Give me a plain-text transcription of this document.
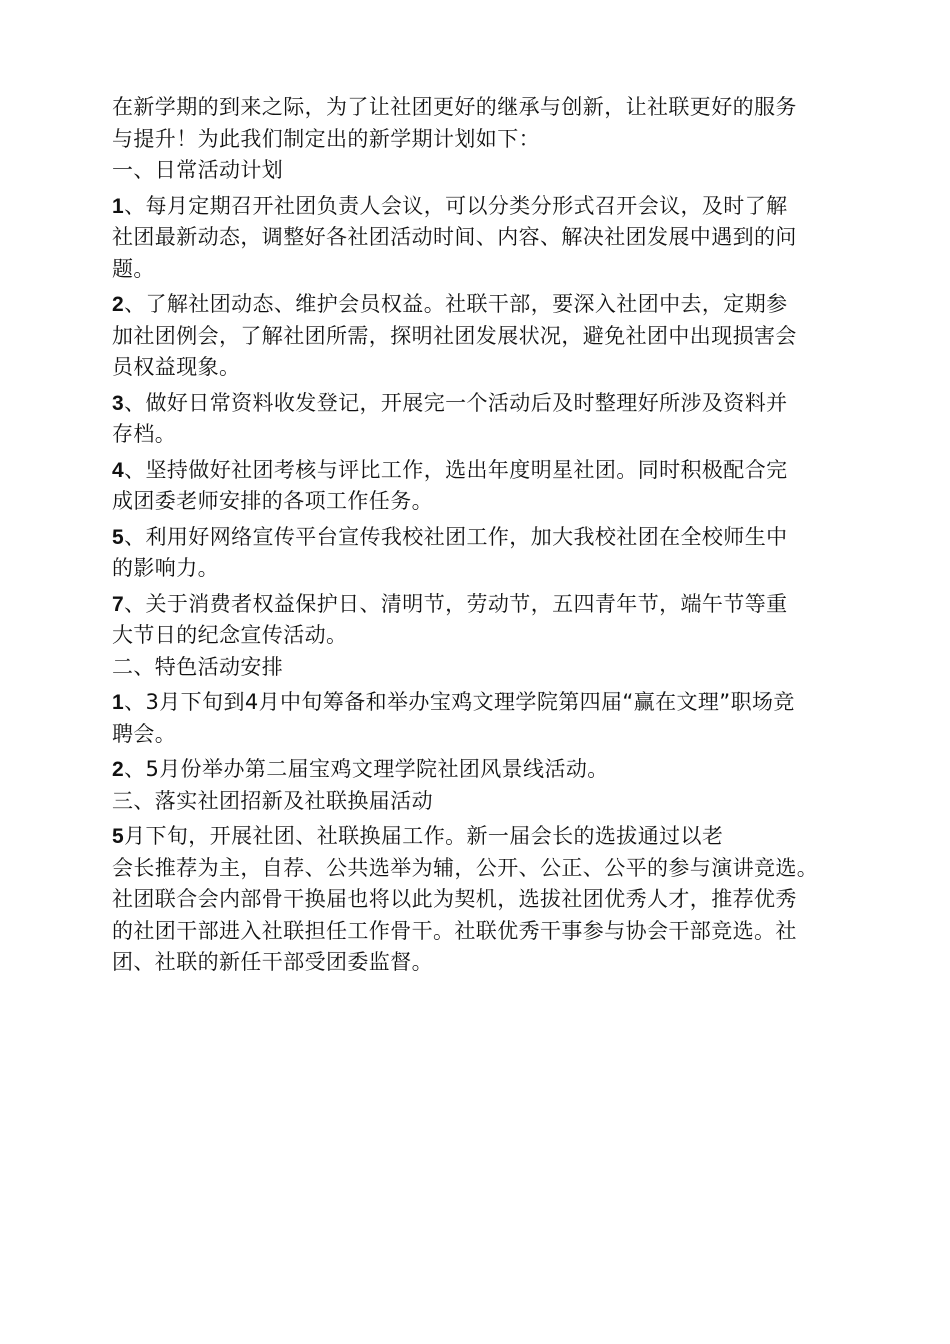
在新学期的到来之际，为了让社团更好的继承与创新，让社联更好的服务
与提升！为此我们制定出的新学期计划如下：
一、日常活动计划
1、每月定期召开社团负责人会议，可以分类分形式召开会议，及时了解
社团最新动态，调整好各社团活动时间、内容、解决社团发展中遇到的问
题。
2、了解社团动态、维护会员权益。社联干部，要深入社团中去，定期参
加社团例会，了解社团所需，探明社团发展状况，避免社团中出现损害会
员权益现象。
3、做好日常资料收发登记，开展完一个活动后及时整理好所涉及资料并
存档。
4、坚持做好社团考核与评比工作，选出年度明星社团。同时积极配合完
成团委老师安排的各项工作任务。
5、利用好网络宣传平台宣传我校社团工作，加大我校社团在全校师生中
的影响力。
7、关于消费者权益保护日、清明节，劳动节，五四青年节，端午节等重
大节日的纪念宣传活动。
二、特色活动安排
1、3月下旬到4月中旬筹备和举办宝鸡文理学院第四届“赢在文理”职场竞
聘会。
2、5月份举办第二届宝鸡文理学院社团风景线活动。
三、落实社团招新及社联换届活动
5月下旬，开展社团、社联换届工作。新一届会长的选拔通过以老
会长推荐为主，自荐、公共选举为辅，公开、公正、公平的参与演讲竞选。
社团联合会内部骨干换届也将以此为契机，选拔社团优秀人才，推荐优秀
的社团干部进入社联担任工作骨干。社联优秀干事参与协会干部竞选。社
团、社联的新任干部受团委监督。
